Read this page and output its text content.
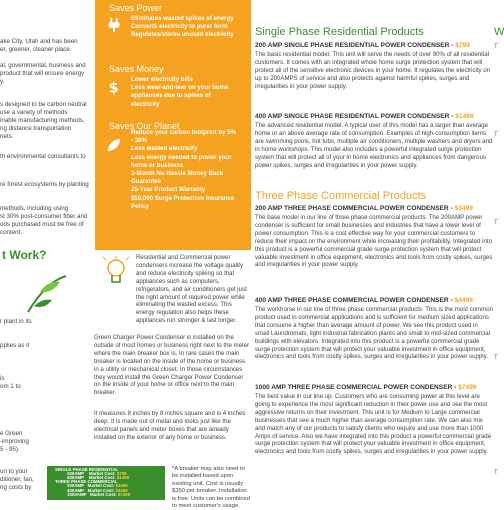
ake City, Utah and has been
er, greener, cleaner place.
al, governmental, business and
product that will ensure energy
y.
s designed to be carbon neutral
use a variety of methods
inable manufacturing methods,
ng distance transportation
nets.
th environmental consultants to
re forest ecosystems by planting
methods, including using
st 30% post-consumer fiber and
ods purchased must be free of
content.
t Work?
r plant in its
pplies as it
is
om 1 to
e Green
-improving
5 - 95).
un to your
ditioner, fan,
ng costs by
Saves Power
Eliminates wasted spikes of energy
Converts electricity to purer form
Regulates/stores unused electricity
Saves Money
$
Lower electricity bills
Less wear-and-tear on your home
appliances due to spikes of
electricity
Saves Our Planet
Reduce your carbon footprint by 5%
- 30%
Less wasted electricity
Less energy needed to power your
home or business
3-Month No Hassle Money Back
Guarantee
25-Year Product Warranty
$50,000 Surge Protection Insurance
Policy
Residential and Commercial power condensers increase the voltage quality and reduce electricity spiking so that appliances such as computers, refrigerators, and air conditioners get just the right amount of required power while eliminating the wasted excess. This energy regulation also helps these appliances run stronger & last longer.
Green Charger Power Condenser is installed on the outside of most homes or business right next to the meter where the main breaker box is. In rare cases the main breaker is located on the inside of the home or business in a utility or mechanical closet. In those circumstances they would install the Green Charger Power Condenser on the inside of your home or office next to the main breaker.
It measures 8 inches by 8 inches square and is 4 inches deep. It is made out of metal and looks just like the electrical panels and meter boxes that are already installed on the exterior of any home or business.
*A breaker may also need to be installed based upon existing unit. Cost is usually $350 per breaker. Installation is free. Units can be combined to meet customer's usage.
SINGLE PHASE RESIDENTIAL
200AMP Market Cost: $799
400AMP Market Cost: $1499
THREE PHASE COMMERCIAL
200AMP   Market Cost: $3499
400AMP   Market Cost: $4499
1000AMP   Market Cost: $7499
Single Phase Residential Products
200 AMP SINGLE PHASE RESIDENTIAL POWER CONDENSER - $799
The basic residential model. This unit will serve the needs of over 90% of all residential customers. It comes with an integrated whole home surge protection system that will protect all of the sensitive electronic devices in your home. It regulates the electricity on up to 200AMPS of service and also protects against harmful spikes, surges and irregularities in your power supply.
400 AMP SINGLE PHASE RESIDENTIAL POWER CONDENSER - $1499
The advanced residential model. A typical user of this model has a larger than average home or an above average rate of consumption. Examples of high-consumption items are swimming pools, hot tubs, multiple air conditioners, multiple washers and dryers and in home workshops. This model also includes a powerful integrated surge protection system that will protect all of your in home electronics and appliances from dangerous power spikes, surges and irregularities in your power supply.
Three Phase Commercial Products
200 AMP THREE PHASE COMMERCIAL POWER CONDENSER - $3499
The base model in our line of three phase commercial products. The 200AMP power condenser is sufficient for small businesses and industries that have a lower level of power consumption. This is a cost effective way for your commercial customers to reduce their impact on the environment while increasing their profitability. Integrated into this product is a powerful commercial grade surge protection system that will protect valuable investment in office equipment, electronics and tools from costly spikes, surges and irregularities in your power supply.
400 AMP THREE PHASE COMMERCIAL POWER CONDENSER - $4499
The workhorse in our line of three phase commercial products. This is the most common product used in commercial applications and is sufficient for medium sized applications that consume a higher than average amount of power. We see this product used in small Laundromats, light industrial fabrication plants and small to mid-sized commercial buildings with elevators. Integrated into this product is a powerful commercial grade surge protection system that will protect your valuable investment in office equipment, electronics and tools from costly spikes, surges and irregularities in your power supply.
1000 AMP THREE PHASE COMMERCIAL POWER CONDENSER - $7499
The best value in our line up. Customers who are consuming power at this level are going to experience the most significant reduction in their power use and see the most aggressive returns on their investment. This unit is for Medium to Large commercial businesses that see a much higher than average consumption rate. We can also mix and match any of our products to satisfy clients who require and use more than 1000 Amps of service. Also we have integrated into this product a powerful commercial grade surge protection system that will protect your valuable investment in office equipment, electronics and tools from costly spikes, surges and irregularities in your power supply.
W
T
T
T
T
T
